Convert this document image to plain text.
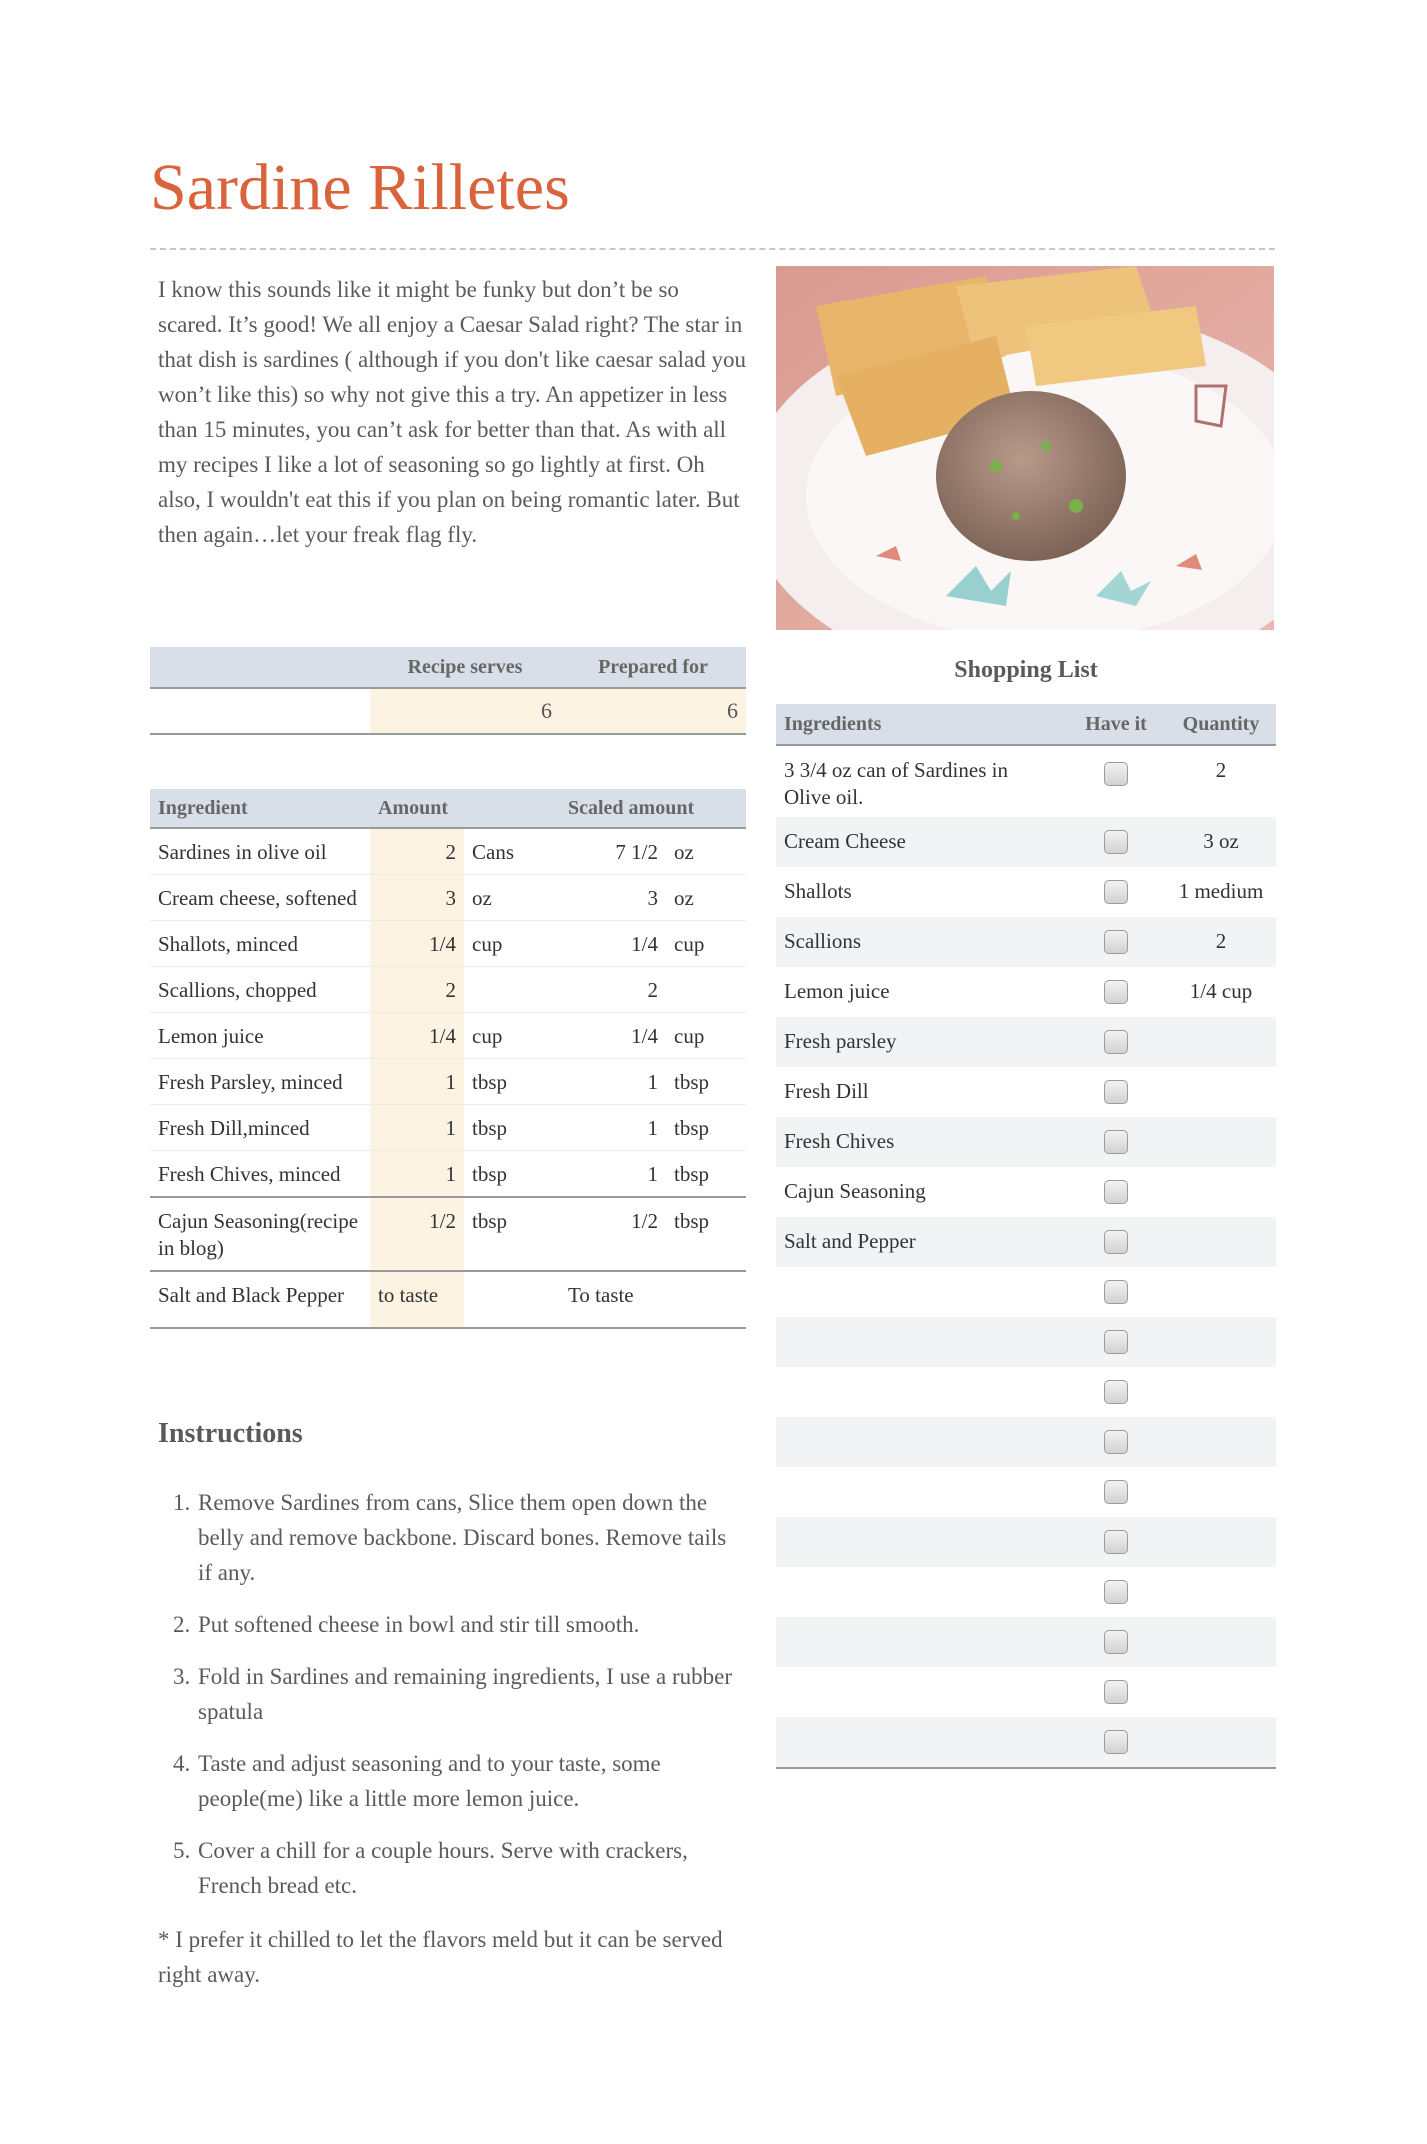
Sardine Rilletes
I know this sounds like it might be funky but don’t be so scared. It’s good! We all enjoy a Caesar Salad right? The star in that dish is sardines ( although if you don't like caesar salad you won’t like this) so why not give this a try. An appetizer in less than 15 minutes, you can’t ask for better than that. As with all my recipes I like a lot of seasoning so go lightly at first. Oh also, I wouldn't eat this if you plan on being romantic later. But then again…let your freak flag fly.
	Recipe serves	Prepared for
	6	6
Ingredient	Amount		Scaled amount	
Sardines in olive oil	2	Cans	7 1/2	oz
Cream cheese, softened	3	oz	3	oz
Shallots, minced	1/4	cup	1/4	cup
Scallions, chopped	2		2	
Lemon juice	1/4	cup	1/4	cup
Fresh Parsley, minced	1	tbsp	1	tbsp
Fresh Dill,minced	1	tbsp	1	tbsp
Fresh Chives, minced	1	tbsp	1	tbsp
Cajun Seasoning(recipe in blog)	1/2	tbsp	1/2	tbsp
Salt and Black Pepper	to taste		To taste	
Instructions
1. Remove Sardines from cans, Slice them open down the belly and remove backbone. Discard bones. Remove tails if any.
2. Put softened cheese in bowl and stir till smooth.
3. Fold in Sardines and remaining ingredients, I use a rubber spatula
4. Taste and adjust seasoning and to your taste, some people(me) like a little more lemon juice.
5. Cover a chill for a couple hours. Serve with crackers, French bread etc.
* I prefer it chilled to let the flavors meld but it can be served right away.
Shopping List
Ingredients	Have it	Quantity
3 3/4 oz can of Sardines in Olive oil.		2
Cream Cheese		3 oz
Shallots		1 medium
Scallions		2
Lemon juice		1/4 cup
Fresh parsley		
Fresh Dill		
Fresh Chives		
Cajun Seasoning		
Salt and Pepper		
